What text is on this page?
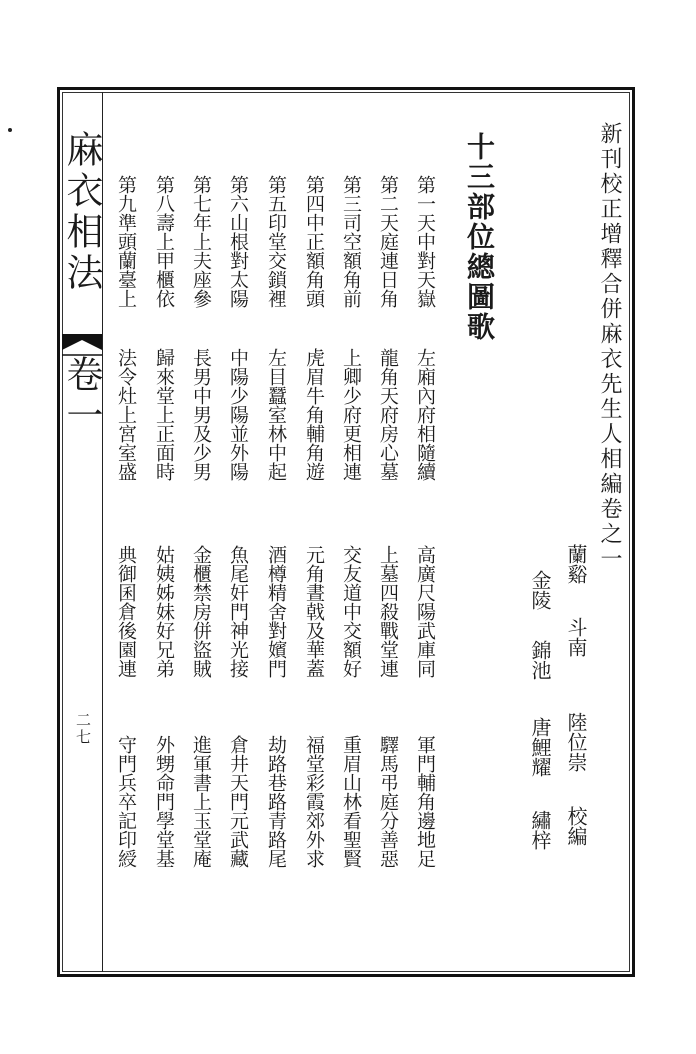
麻衣相法
卷一
二七
新刊校正增釋合併麻衣先生人相編卷之一
蘭谿
斗南
陸位崇
校編
金陵
錦池
唐鯉耀
繡梓
十三部位總圖歌
第一天中對天嶽
左廂內府相隨續
高廣尺陽武庫同
軍門輔角邊地足
第二天庭連日角
龍角天府房心墓
上墓四殺戰堂連
驛馬弔庭分善惡
第三司空額角前
上卿少府更相連
交友道中交額好
重眉山林看聖賢
第四中正額角頭
虎眉牛角輔角遊
元角晝戟及華蓋
福堂彩霞郊外求
第五印堂交鎖裡
左目蠶室林中起
酒樽精舍對嬪門
劫路巷路青路尾
第六山根對太陽
中陽少陽並外陽
魚尾奸門神光接
倉井天門元武藏
第七年上夫座參
長男中男及少男
金櫃禁房併盜賊
進軍書上玉堂庵
第八壽上甲櫃依
歸來堂上正面時
姑姨姊妹好兄弟
外甥命門學堂基
第九準頭蘭臺上
法令灶上宮室盛
典御囷倉後園連
守門兵卒記印綬
